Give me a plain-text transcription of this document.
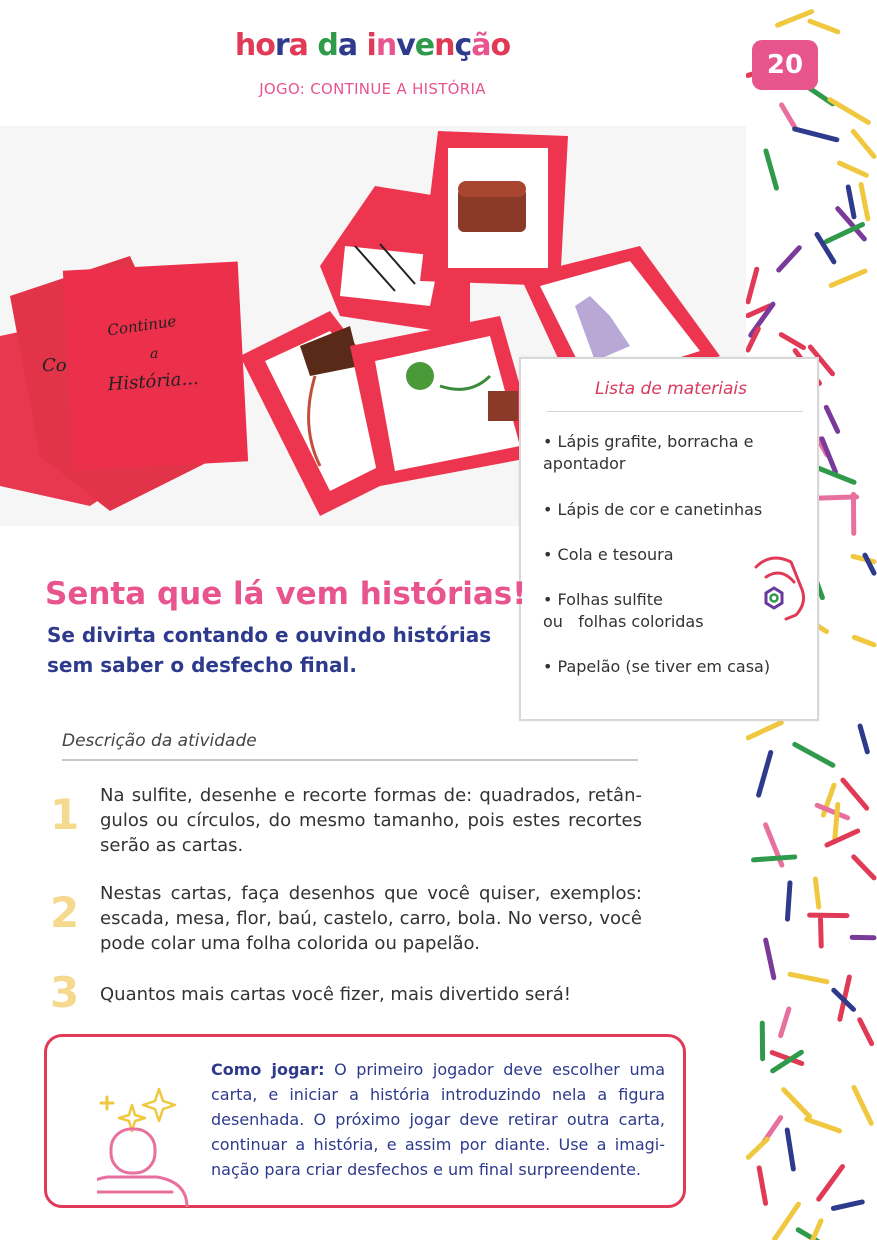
20
hora da invenção
JOGO: CONTINUE A HISTÓRIA
Continue
a
História...
Co
Lista de materiais
• Lápis grafite, borracha e apontador
• Lápis de cor e canetinhas
• Cola e tesoura
• Folhas sulfite ou   folhas coloridas
• Papelão (se tiver em casa)
Senta que lá vem histórias!
Se divirta contando e ouvindo histórias sem saber o desfecho final.
Descrição da atividade
1 Na sulfite, desenhe e recorte formas de: quadrados, retân-gulos ou círculos, do mesmo tamanho, pois estes recortes serão as cartas.
2 Nestas cartas, faça desenhos que você quiser, exemplos: escada, mesa, flor, baú, castelo, carro, bola. No verso, você pode colar uma folha colorida ou papelão.
3 Quantos mais cartas você fizer, mais divertido será!
Como jogar: O primeiro jogador deve escolher uma carta, e iniciar a história introduzindo nela a figura desenhada. O próximo jogar deve retirar outra carta, continuar a história, e assim por diante. Use a imagi-nação para criar desfechos e um final surpreendente.
